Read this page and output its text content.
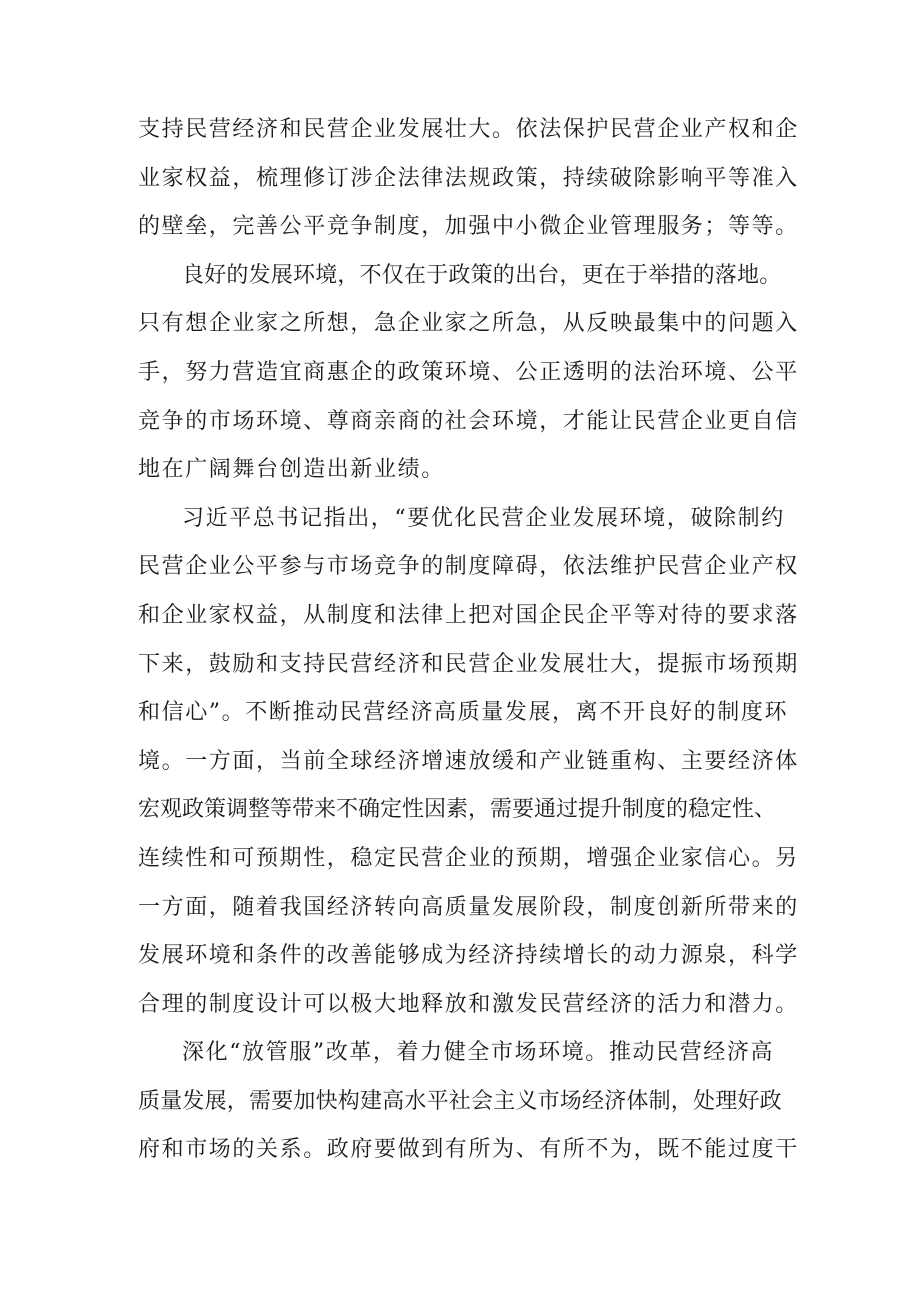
支持民营经济和民营企业发展壮大。依法保护民营企业产权和企
业家权益，梳理修订涉企法律法规政策，持续破除影响平等准入
的壁垒，完善公平竞争制度，加强中小微企业管理服务；等等。
良好的发展环境，不仅在于政策的出台，更在于举措的落地。
只有想企业家之所想，急企业家之所急，从反映最集中的问题入
手，努力营造宜商惠企的政策环境、公正透明的法治环境、公平
竞争的市场环境、尊商亲商的社会环境，才能让民营企业更自信
地在广阔舞台创造出新业绩。
习近平总书记指出，“要优化民营企业发展环境，破除制约
民营企业公平参与市场竞争的制度障碍，依法维护民营企业产权
和企业家权益，从制度和法律上把对国企民企平等对待的要求落
下来，鼓励和支持民营经济和民营企业发展壮大，提振市场预期
和信心”。不断推动民营经济高质量发展，离不开良好的制度环
境。一方面，当前全球经济增速放缓和产业链重构、主要经济体
宏观政策调整等带来不确定性因素，需要通过提升制度的稳定性、
连续性和可预期性，稳定民营企业的预期，增强企业家信心。另
一方面，随着我国经济转向高质量发展阶段，制度创新所带来的
发展环境和条件的改善能够成为经济持续增长的动力源泉，科学
合理的制度设计可以极大地释放和激发民营经济的活力和潜力。
深化“放管服”改革，着力健全市场环境。推动民营经济高
质量发展，需要加快构建高水平社会主义市场经济体制，处理好政
府和市场的关系。政府要做到有所为、有所不为，既不能过度干
